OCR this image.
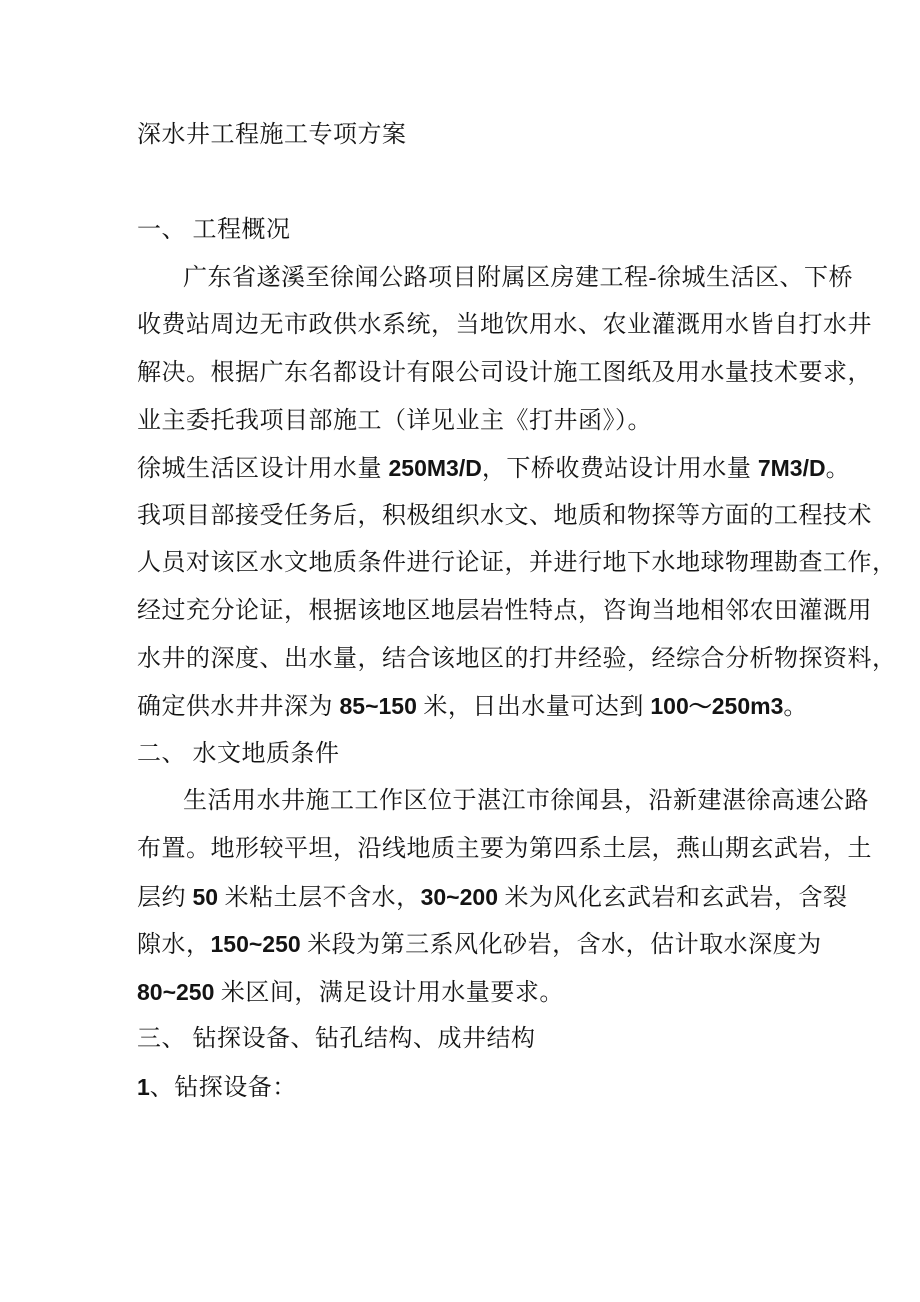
深水井工程施工专项方案
一、 工程概况
广东省遂溪至徐闻公路项目附属区房建工程-徐城生活区、下桥
收费站周边无市政供水系统，当地饮用水、农业灌溉用水皆自打水井
解决。根据广东名都设计有限公司设计施工图纸及用水量技术要求，
业主委托我项目部施工（详见业主《打井函》）。
徐城生活区设计用水量 250M3/D，下桥收费站设计用水量 7M3/D。
我项目部接受任务后，积极组织水文、地质和物探等方面的工程技术
人员对该区水文地质条件进行论证，并进行地下水地球物理勘查工作，
经过充分论证，根据该地区地层岩性特点，咨询当地相邻农田灌溉用
水井的深度、出水量，结合该地区的打井经验，经综合分析物探资料，
确定供水井井深为 85~150 米，日出水量可达到 100～250m3。
二、 水文地质条件
生活用水井施工工作区位于湛江市徐闻县，沿新建湛徐高速公路
布置。地形较平坦，沿线地质主要为第四系土层，燕山期玄武岩，土
层约 50 米粘土层不含水，30~200 米为风化玄武岩和玄武岩，含裂
隙水，150~250 米段为第三系风化砂岩，含水，估计取水深度为
80~250 米区间，满足设计用水量要求。
三、 钻探设备、钻孔结构、成井结构
1、钻探设备：
